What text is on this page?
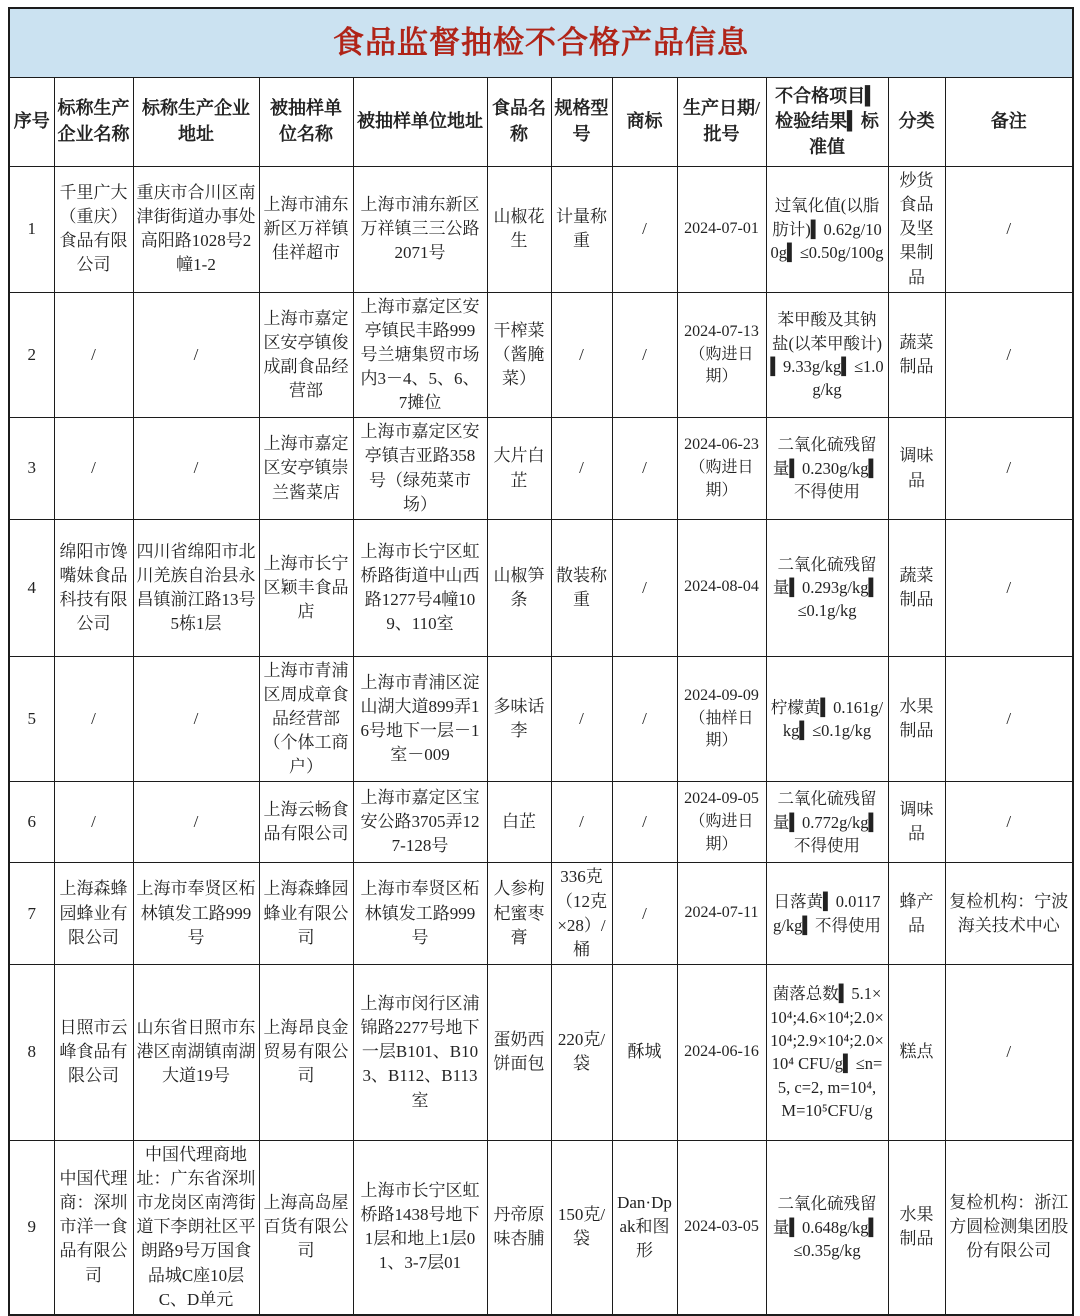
食品监督抽检不合格产品信息											
序号	标称生产企业名称	标称生产企业地址	被抽样单位名称	被抽样单位地址	食品名称	规格型号	商标	生产日期/批号	不合格项目▍检验结果▍标准值	分类	备注
1	千里广大（重庆）食品有限公司	重庆市合川区南津街街道办事处高阳路1028号2幢1-2	上海市浦东新区万祥镇佳祥超市	上海市浦东新区万祥镇三三公路2071号	山椒花生	计量称重	/	2024-07-01	过氧化值(以脂肪计)▍0.62g/100g▍≤0.50g/100g	炒货食品及坚果制品	/
2	/	/	上海市嘉定区安亭镇俊成副食品经营部	上海市嘉定区安亭镇民丰路999号兰塘集贸市场内3－4、5、6、7摊位	干榨菜（酱腌菜）	/	/	2024-07-13（购进日期）	苯甲酸及其钠盐(以苯甲酸计)▍9.33g/kg▍≤1.0g/kg	蔬菜制品	/
3	/	/	上海市嘉定区安亭镇崇兰酱菜店	上海市嘉定区安亭镇吉亚路358号（绿苑菜市场）	大片白芷	/	/	2024-06-23（购进日期）	二氧化硫残留量▍0.230g/kg▍不得使用	调味品	/
4	绵阳市馋嘴妹食品科技有限公司	四川省绵阳市北川羌族自治县永昌镇湔江路13号5栋1层	上海市长宁区颖丰食品店	上海市长宁区虹桥路街道中山西路1277号4幢109、110室	山椒笋条	散装称重	/	2024-08-04	二氧化硫残留量▍0.293g/kg▍≤0.1g/kg	蔬菜制品	/
5	/	/	上海市青浦区周成章食品经营部（个体工商户）	上海市青浦区淀山湖大道899弄16号地下一层－1室－009	多味话李	/	/	2024-09-09（抽样日期）	柠檬黄▍0.161g/kg▍≤0.1g/kg	水果制品	/
6	/	/	上海云畅食品有限公司	上海市嘉定区宝安公路3705弄127-128号	白芷	/	/	2024-09-05（购进日期）	二氧化硫残留量▍0.772g/kg▍不得使用	调味品	/
7	上海森蜂园蜂业有限公司	上海市奉贤区柘林镇发工路999号	上海森蜂园蜂业有限公司	上海市奉贤区柘林镇发工路999号	人参枸杞蜜枣膏	336克（12克×28）/桶	/	2024-07-11	日落黄▍0.0117g/kg▍不得使用	蜂产品	复检机构：宁波海关技术中心
8	日照市云峰食品有限公司	山东省日照市东港区南湖镇南湖大道19号	上海昂良金贸易有限公司	上海市闵行区浦锦路2277号地下一层B101、B103、B112、B113室	蛋奶西饼面包	220克/袋	酥城	2024-06-16	菌落总数▍5.1×10⁴;4.6×10⁴;2.0×10⁴;2.9×10⁴;2.0×10⁴ CFU/g▍≤n=5, c=2, m=10⁴, M=10⁵CFU/g	糕点	/
9	中国代理商：深圳市洋一食品有限公司	中国代理商地址：广东省深圳市龙岗区南湾街道下李朗社区平朗路9号万国食品城C座10层C、D单元	上海高岛屋百货有限公司	上海市长宁区虹桥路1438号地下1层和地上1层01、3-7层01	丹帝原味杏脯	150克/袋	Dan·Dpak和图形	2024-03-05	二氧化硫残留量▍0.648g/kg▍≤0.35g/kg	水果制品	复检机构：浙江方圆检测集团股份有限公司
